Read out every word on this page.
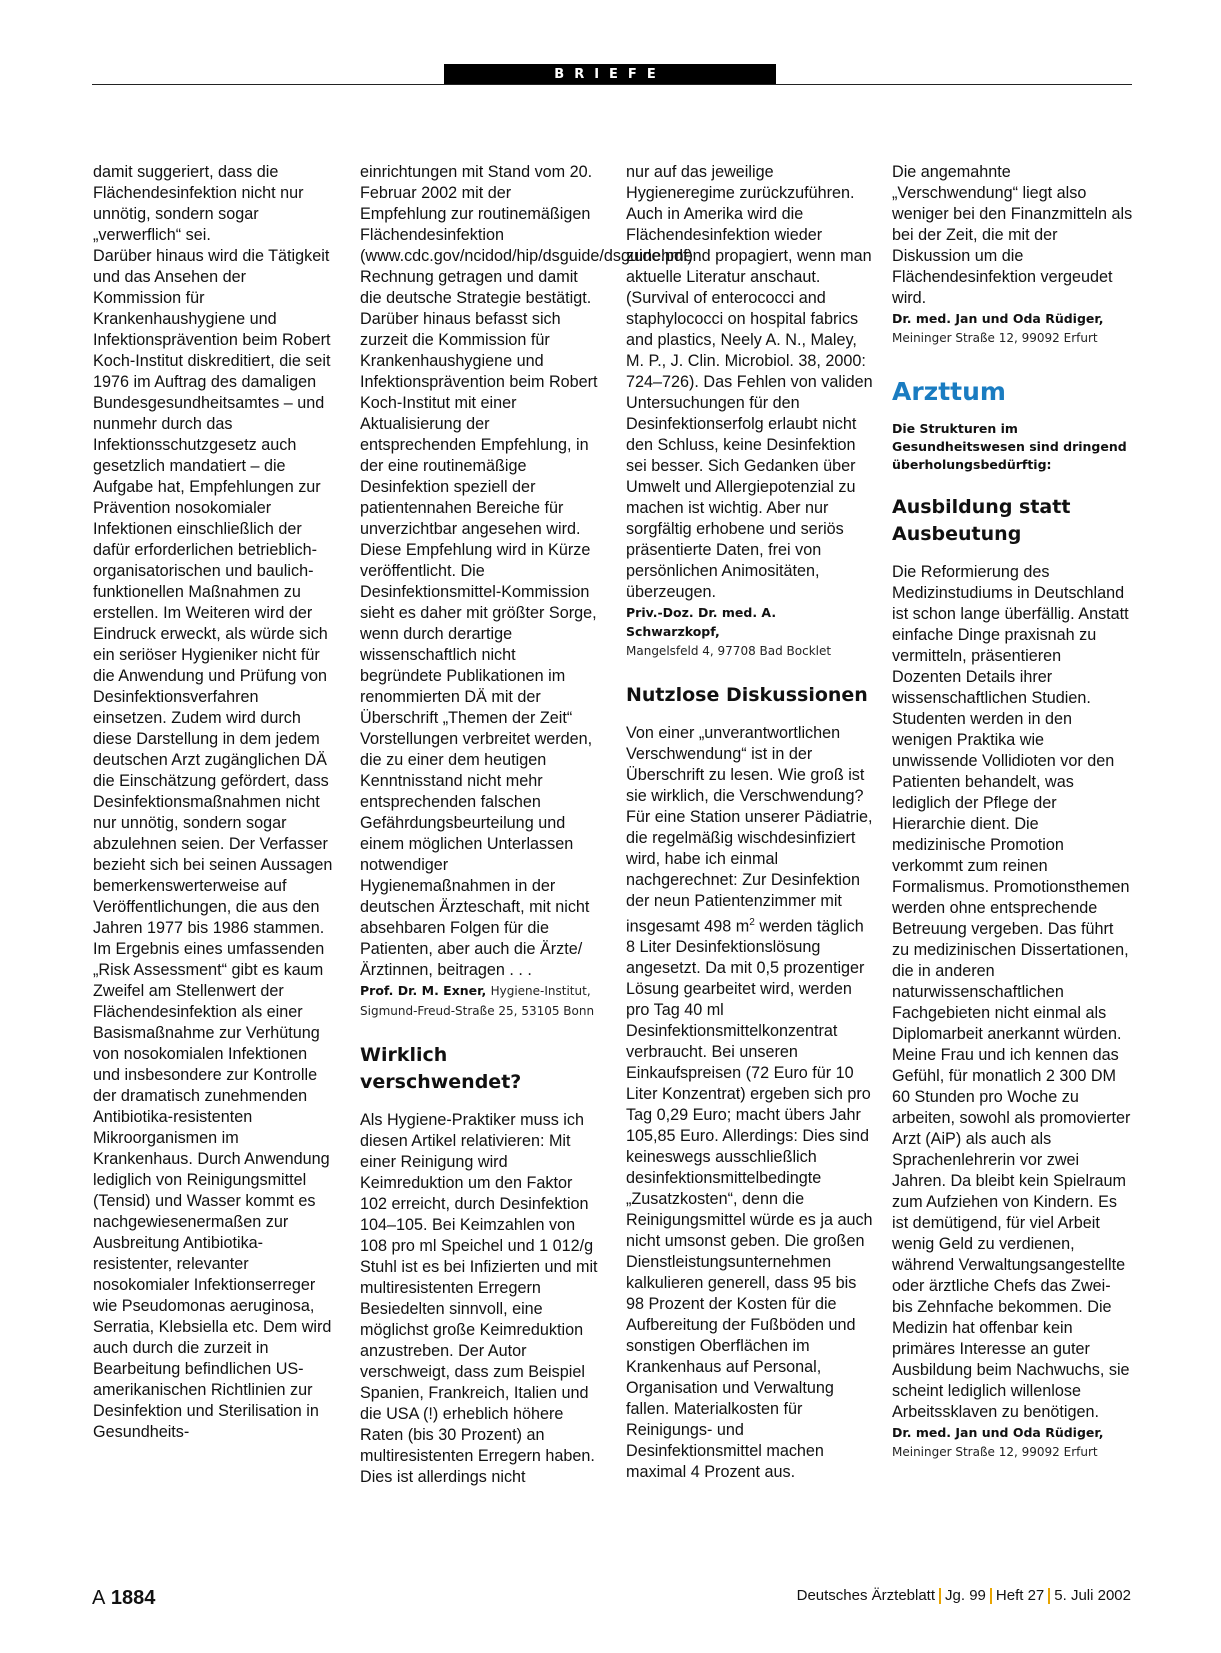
BRIEFE

damit suggeriert, dass die Flächendesinfektion nicht nur unnötig, sondern sogar „verwerflich“ sei.

Darüber hinaus wird die Tätigkeit und das Ansehen der Kommission für Krankenhaushygiene und Infektionsprävention beim Robert Koch-Institut diskreditiert, die seit 1976 im Auftrag des damaligen Bundesgesundheitsamtes – und nunmehr durch das Infektionsschutzgesetz auch gesetzlich mandatiert – die Aufgabe hat, Empfehlungen zur Prävention nosokomialer Infektionen einschließlich der dafür erforderlichen betrieblich-organisatorischen und baulich-funktionellen Maßnahmen zu erstellen. Im Weiteren wird der Eindruck erweckt, als würde sich ein seriöser Hygieniker nicht für die Anwendung und Prüfung von Desinfektionsverfahren einsetzen. Zudem wird durch diese Darstellung in dem jedem deutschen Arzt zugänglichen DÄ die Einschätzung gefördert, dass Desinfektionsmaßnahmen nicht nur unnötig, sondern sogar abzulehnen seien. Der Verfasser bezieht sich bei seinen Aussagen bemerkenswerterweise auf Veröffentlichungen, die aus den Jahren 1977 bis 1986 stammen.

Im Ergebnis eines umfassenden „Risk Assessment“ gibt es kaum Zweifel am Stellenwert der Flächendesinfektion als einer Basismaßnahme zur Verhütung von nosokomialen Infektionen und insbesondere zur Kontrolle der dramatisch zunehmenden Antibiotika-resistenten Mikroorganismen im Krankenhaus. Durch Anwendung lediglich von Reinigungsmittel (Tensid) und Wasser kommt es nachgewiesenermaßen zur Ausbreitung Antibiotika-resistenter, relevanter nosokomialer Infektionserreger wie Pseudomonas aeruginosa, Serratia, Klebsiella etc. Dem wird auch durch die zurzeit in Bearbeitung befindlichen US-amerikanischen Richtlinien zur Desinfektion und Sterilisation in Gesundheits-

einrichtungen mit Stand vom 20. Februar 2002 mit der Empfehlung zur routinemäßigen Flächendesinfektion (www.cdc.gov/ncidod/hip/dsguide/dsguide.pdf) Rechnung getragen und damit die deutsche Strategie bestätigt. Darüber hinaus befasst sich zurzeit die Kommission für Krankenhaushygiene und Infektionsprävention beim Robert Koch-Institut mit einer Aktualisierung der entsprechenden Empfehlung, in der eine routinemäßige Desinfektion speziell der patientennahen Bereiche für unverzichtbar angesehen wird. Diese Empfehlung wird in Kürze veröffentlicht. Die Desinfektionsmittel-Kommission sieht es daher mit größter Sorge, wenn durch derartige wissenschaftlich nicht begründete Publikationen im renommierten DÄ mit der Überschrift „Themen der Zeit“ Vorstellungen verbreitet werden, die zu einer dem heutigen Kenntnisstand nicht mehr entsprechenden falschen Gefährdungsbeurteilung und einem möglichen Unterlassen notwendiger Hygienemaßnahmen in der deutschen Ärzteschaft, mit nicht absehbaren Folgen für die Patienten, aber auch die Ärzte/Ärztinnen, beitragen . . .

Prof. Dr. M. Exner, Hygiene-Institut, Sigmund-Freud-Straße 25, 53105 Bonn

Wirklich verschwendet?

Als Hygiene-Praktiker muss ich diesen Artikel relativieren: Mit einer Reinigung wird Keimreduktion um den Faktor 102 erreicht, durch Desinfektion 104–105. Bei Keimzahlen von 108 pro ml Speichel und 1 012/g Stuhl ist es bei Infizierten und mit multiresistenten Erregern Besiedelten sinnvoll, eine möglichst große Keimreduktion anzustreben. Der Autor verschweigt, dass zum Beispiel Spanien, Frankreich, Italien und die USA (!) erheblich höhere Raten (bis 30 Prozent) an multiresistenten Erregern haben. Dies ist allerdings nicht

nur auf das jeweilige Hygieneregime zurückzuführen. Auch in Amerika wird die Flächendesinfektion wieder zunehmend propagiert, wenn man aktuelle Literatur anschaut. (Survival of enterococci and staphylococci on hospital fabrics and plastics, Neely A. N., Maley, M. P., J. Clin. Microbiol. 38, 2000: 724–726). Das Fehlen von validen Untersuchungen für den Desinfektionserfolg erlaubt nicht den Schluss, keine Desinfektion sei besser. Sich Gedanken über Umwelt und Allergiepotenzial zu machen ist wichtig. Aber nur sorgfältig erhobene und seriös präsentierte Daten, frei von persönlichen Animositäten, überzeugen.

Priv.-Doz. Dr. med. A. Schwarzkopf,
Mangelsfeld 4, 97708 Bad Bocklet

Nutzlose Diskussionen

Von einer „unverantwortlichen Verschwendung“ ist in der Überschrift zu lesen. Wie groß ist sie wirklich, die Verschwendung?

Für eine Station unserer Pädiatrie, die regelmäßig wischdesinfiziert wird, habe ich einmal nachgerechnet: Zur Desinfektion der neun Patientenzimmer mit insgesamt 498 $m^2$ werden täglich 8 Liter Desinfektionslösung angesetzt. Da mit 0,5 prozentiger Lösung gearbeitet wird, werden pro Tag 40 ml Desinfektionsmittelkonzentrat verbraucht. Bei unseren Einkaufspreisen (72 Euro für 10 Liter Konzentrat) ergeben sich pro Tag 0,29 Euro; macht übers Jahr 105,85 Euro. Allerdings: Dies sind keineswegs ausschließlich desinfektionsmittelbedingte „Zusatzkosten“, denn die Reinigungsmittel würde es ja auch nicht umsonst geben. Die großen Dienstleistungsunternehmen kalkulieren generell, dass 95 bis 98 Prozent der Kosten für die Aufbereitung der Fußböden und sonstigen Oberflächen im Krankenhaus auf Personal, Organisation und Verwaltung fallen. Materialkosten für Reinigungs- und Desinfektionsmittel machen maximal 4 Prozent aus.

Die angemahnte „Verschwendung“ liegt also weniger bei den Finanzmitteln als bei der Zeit, die mit der Diskussion um die Flächendesinfektion vergeudet wird.

Dr. med. Jan und Oda Rüdiger,
Meininger Straße 12, 99092 Erfurt

Arzttum

Die Strukturen im Gesundheitswesen sind dringend überholungsbedürftig:

Ausbildung statt Ausbeutung

Die Reformierung des Medizinstudiums in Deutschland ist schon lange überfällig. Anstatt einfache Dinge praxisnah zu vermitteln, präsentieren Dozenten Details ihrer wissenschaftlichen Studien. Studenten werden in den wenigen Praktika wie unwissende Vollidioten vor den Patienten behandelt, was lediglich der Pflege der Hierarchie dient. Die medizinische Promotion verkommt zum reinen Formalismus. Promotionsthemen werden ohne entsprechende Betreuung vergeben. Das führt zu medizinischen Dissertationen, die in anderen naturwissenschaftlichen Fachgebieten nicht einmal als Diplomarbeit anerkannt würden. Meine Frau und ich kennen das Gefühl, für monatlich 2 300 DM 60 Stunden pro Woche zu arbeiten, sowohl als promovierter Arzt (AiP) als auch als Sprachenlehrerin vor zwei Jahren. Da bleibt kein Spielraum zum Aufziehen von Kindern. Es ist demütigend, für viel Arbeit wenig Geld zu verdienen, während Verwaltungsangestellte oder ärztliche Chefs das Zwei- bis Zehnfache bekommen. Die Medizin hat offenbar kein primäres Interesse an guter Ausbildung beim Nachwuchs, sie scheint lediglich willenlose Arbeitssklaven zu benötigen.

Dr. med. Jan und Oda Rüdiger,
Meininger Straße 12, 99092 Erfurt

A 1884	Deutsches Ärzteblatt Jg. 99 Heft 27 5. Juli 2002
